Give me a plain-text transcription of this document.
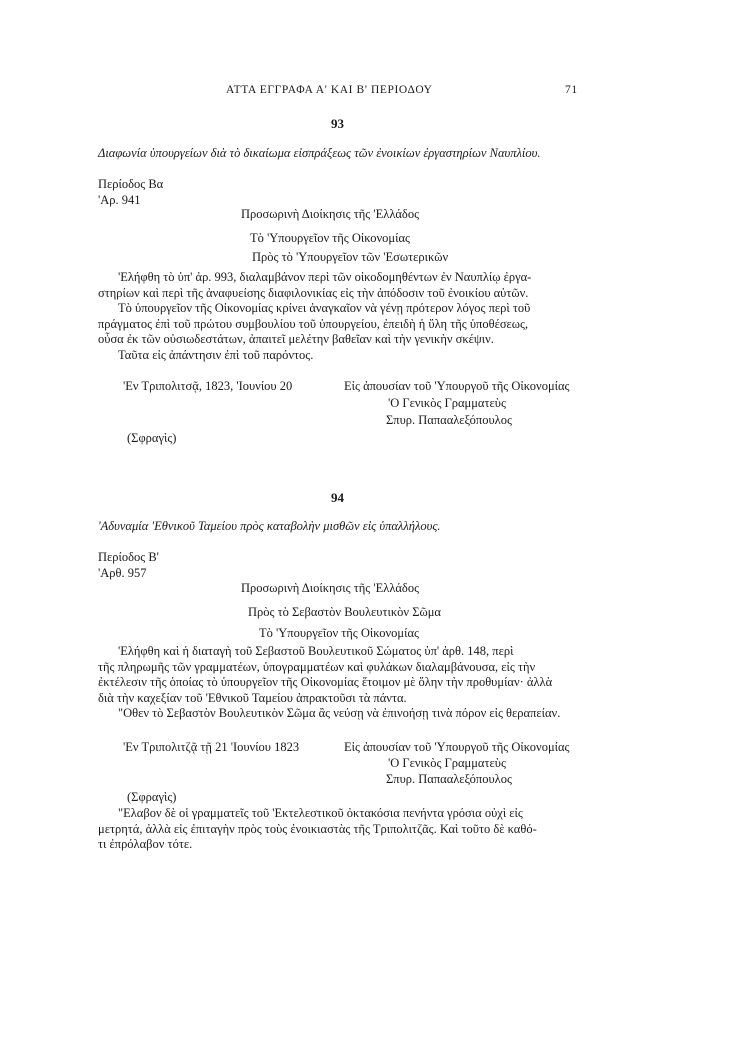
ΑΤΤΑ ΕΓΓΡΑΦΑ Α' ΚΑΙ Β' ΠΕΡΙΟΔΟΥ	71
93
Διαφωνία ὑπουργείων διὰ τὸ δικαίωμα εἰσπράξεως τῶν ἐνοικίων ἐργαστηρίων Ναυπλίου.
Περίοδος Βα
'Αρ. 941
Προσωρινὴ Διοίκησις τῆς 'Ελλάδος
Τὸ 'Υπουργεῖον τῆς Οἰκονομίας
Πρὸς τὸ 'Υπουργεῖον τῶν 'Εσωτερικῶν

'Ελήφθη τὸ ὑπ' ἀρ. 993, διαλαμβάνον περὶ τῶν οἰκοδομηθέντων ἐν Ναυπλίῳ ἐργα-

στηρίων καὶ περὶ τῆς ἀναφυείσης διαφιλονικίας εἰς τὴν ἀπόδοσιν τοῦ ἐνοικίου αὐτῶν.

Τὸ ὑπουργεῖον τῆς Οἰκονομίας κρίνει ἀναγκαῖον νὰ γένῃ πρότερον λόγος περὶ τοῦ

πράγματος ἐπὶ τοῦ πρώτου συμβουλίου τοῦ ὑπουργείου, ἐπειδὴ ἡ ὕλη τῆς ὑποθέσεως,

οὖσα ἐκ τῶν οὐσιωδεστάτων, ἀπαιτεῖ μελέτην βαθεῖαν καὶ τὴν γενικὴν σκέψιν.

Ταῦτα εἰς ἀπάντησιν ἐπὶ τοῦ παρόντος.

'Εν Τριπολιτσᾷ, 1823, 'Ιουνίου 20	Εἰς ἀπουσίαν τοῦ 'Υπουργοῦ τῆς Οἰκονομίας
'Ο Γενικὸς Γραμματεὺς
Σπυρ. Παπααλεξόπουλος
(Σφραγὶς)
94
'Αδυναμία 'Εθνικοῦ Ταμείου πρὸς καταβολὴν μισθῶν εἰς ὑπαλλήλους.
Περίοδος Β'
'Αρθ. 957
Προσωρινὴ Διοίκησις τῆς 'Ελλάδος
Πρὸς τὸ Σεβαστὸν Βουλευτικὸν Σῶμα
Τὸ 'Υπουργεῖον τῆς Οἰκονομίας

'Ελήφθη καὶ ἡ διαταγὴ τοῦ Σεβαστοῦ Βουλευτικοῦ Σώματος ὑπ' ἀρθ. 148, περὶ

τῆς πληρωμῆς τῶν γραμματέων, ὑπογραμματέων καὶ φυλάκων διαλαμβάνουσα, εἰς τὴν

ἐκτέλεσιν τῆς ὁποίας τὸ ὑπουργεῖον τῆς Οἰκονομίας ἕτοιμον μὲ ὅλην τὴν προθυμίαν· ἀλλὰ

διὰ τὴν καχεξίαν τοῦ 'Εθνικοῦ Ταμείου ἀπρακτοῦσι τὰ πάντα.

"Οθεν τὸ Σεβαστὸν Βουλευτικὸν Σῶμα ἂς νεύσῃ νὰ ἐπινοήσῃ τινὰ πόρον εἰς θεραπείαν.

'Εν Τριπολιτζᾷ τῇ 21 'Ιουνίου 1823	Εἰς ἀπουσίαν τοῦ 'Υπουργοῦ τῆς Οἰκονομίας
'Ο Γενικὸς Γραμματεὺς
Σπυρ. Παπααλεξόπουλος
(Σφραγὶς)

"Ελαβον δὲ οἱ γραμματεῖς τοῦ 'Εκτελεστικοῦ ὀκτακόσια πενήντα γρόσια οὐχὶ εἰς

μετρητά, ἀλλὰ εἰς ἐπιταγὴν πρὸς τοὺς ἐνοικιαστὰς τῆς Τριπολιτζᾶς. Καὶ τοῦτο δὲ καθό-

τι ἐπρόλαβον τότε.
